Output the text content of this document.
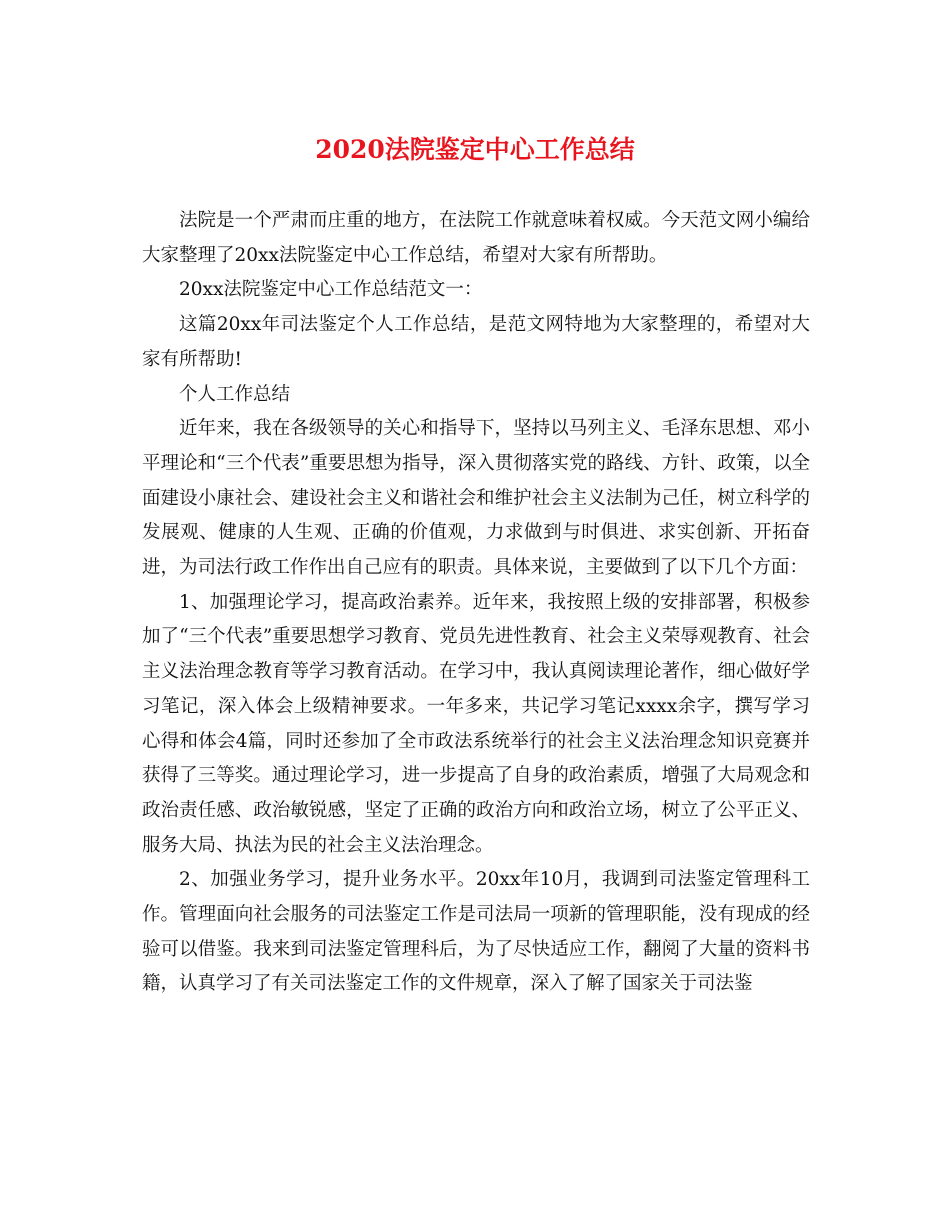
2020法院鉴定中心工作总结

法院是一个严肃而庄重的地方，在法院工作就意味着权威。今天范文网小编给大家整理了20xx法院鉴定中心工作总结，希望对大家有所帮助。

20xx法院鉴定中心工作总结范文一：

这篇20xx年司法鉴定个人工作总结，是范文网特地为大家整理的，希望对大家有所帮助!

个人工作总结

近年来，我在各级领导的关心和指导下，坚持以马列主义、毛泽东思想、邓小平理论和“三个代表”重要思想为指导，深入贯彻落实党的路线、方针、政策，以全面建设小康社会、建设社会主义和谐社会和维护社会主义法制为己任，树立科学的发展观、健康的人生观、正确的价值观，力求做到与时俱进、求实创新、开拓奋进，为司法行政工作作出自己应有的职责。具体来说，主要做到了以下几个方面：

1、加强理论学习，提高政治素养。近年来，我按照上级的安排部署，积极参加了“三个代表”重要思想学习教育、党员先进性教育、社会主义荣辱观教育、社会主义法治理念教育等学习教育活动。在学习中，我认真阅读理论著作，细心做好学习笔记，深入体会上级精神要求。一年多来，共记学习笔记xxxx余字，撰写学习心得和体会4篇，同时还参加了全市政法系统举行的社会主义法治理念知识竞赛并获得了三等奖。通过理论学习，进一步提高了自身的政治素质，增强了大局观念和政治责任感、政治敏锐感，坚定了正确的政治方向和政治立场，树立了公平正义、服务大局、执法为民的社会主义法治理念。

2、加强业务学习，提升业务水平。20xx年10月，我调到司法鉴定管理科工作。管理面向社会服务的司法鉴定工作是司法局一项新的管理职能，没有现成的经验可以借鉴。我来到司法鉴定管理科后，为了尽快适应工作，翻阅了大量的资料书籍，认真学习了有关司法鉴定工作的文件规章，深入了解了国家关于司法鉴
